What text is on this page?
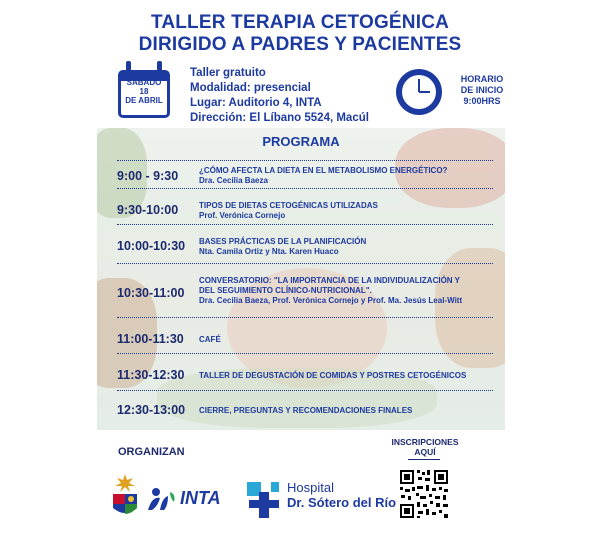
TALLER TERAPIA CETOGÉNICA
DIRIGIDO A PADRES Y PACIENTES
SÁBADO
18
DE ABRIL
Taller gratuito
Modalidad: presencial
Lugar: Auditorio 4, INTA
Dirección: El Líbano 5524, Macúl
HORARIO
DE INICIO
9:00HRS
PROGRAMA
9:00 - 9:30	¿CÓMO AFECTA LA DIETA EN EL METABOLISMO ENERGÉTICO?
Dra. Cecilia Baeza
9:30-10:00	TIPOS DE DIETAS CETOGÉNICAS UTILIZADAS
Prof. Verónica Cornejo
10:00-10:30 BASES PRÁCTICAS DE LA PLANIFICACIÓN
Nta. Camila Ortiz y Nta. Karen Huaco
10:30-11:00
CONVERSATORIO: "LA IMPORTANCIA DE LA INDIVIDUALIZACIÓN Y
DEL SEGUIMIENTO CLÍNICO-NUTRICIONAL".
Dra. Cecilia Baeza, Prof. Verónica Cornejo y Prof. Ma. Jesús Leal-Witt
11:00-11:30 CAFÉ
11:30-12:30 TALLER DE DEGUSTACIÓN DE COMIDAS Y POSTRES CETOGÉNICOS
12:30-13:00 CIERRE, PREGUNTAS Y RECOMENDACIONES FINALES
ORGANIZAN
INSCRIPCIONES
AQUÍ
INTA
Hospital
Dr. Sótero del Río
